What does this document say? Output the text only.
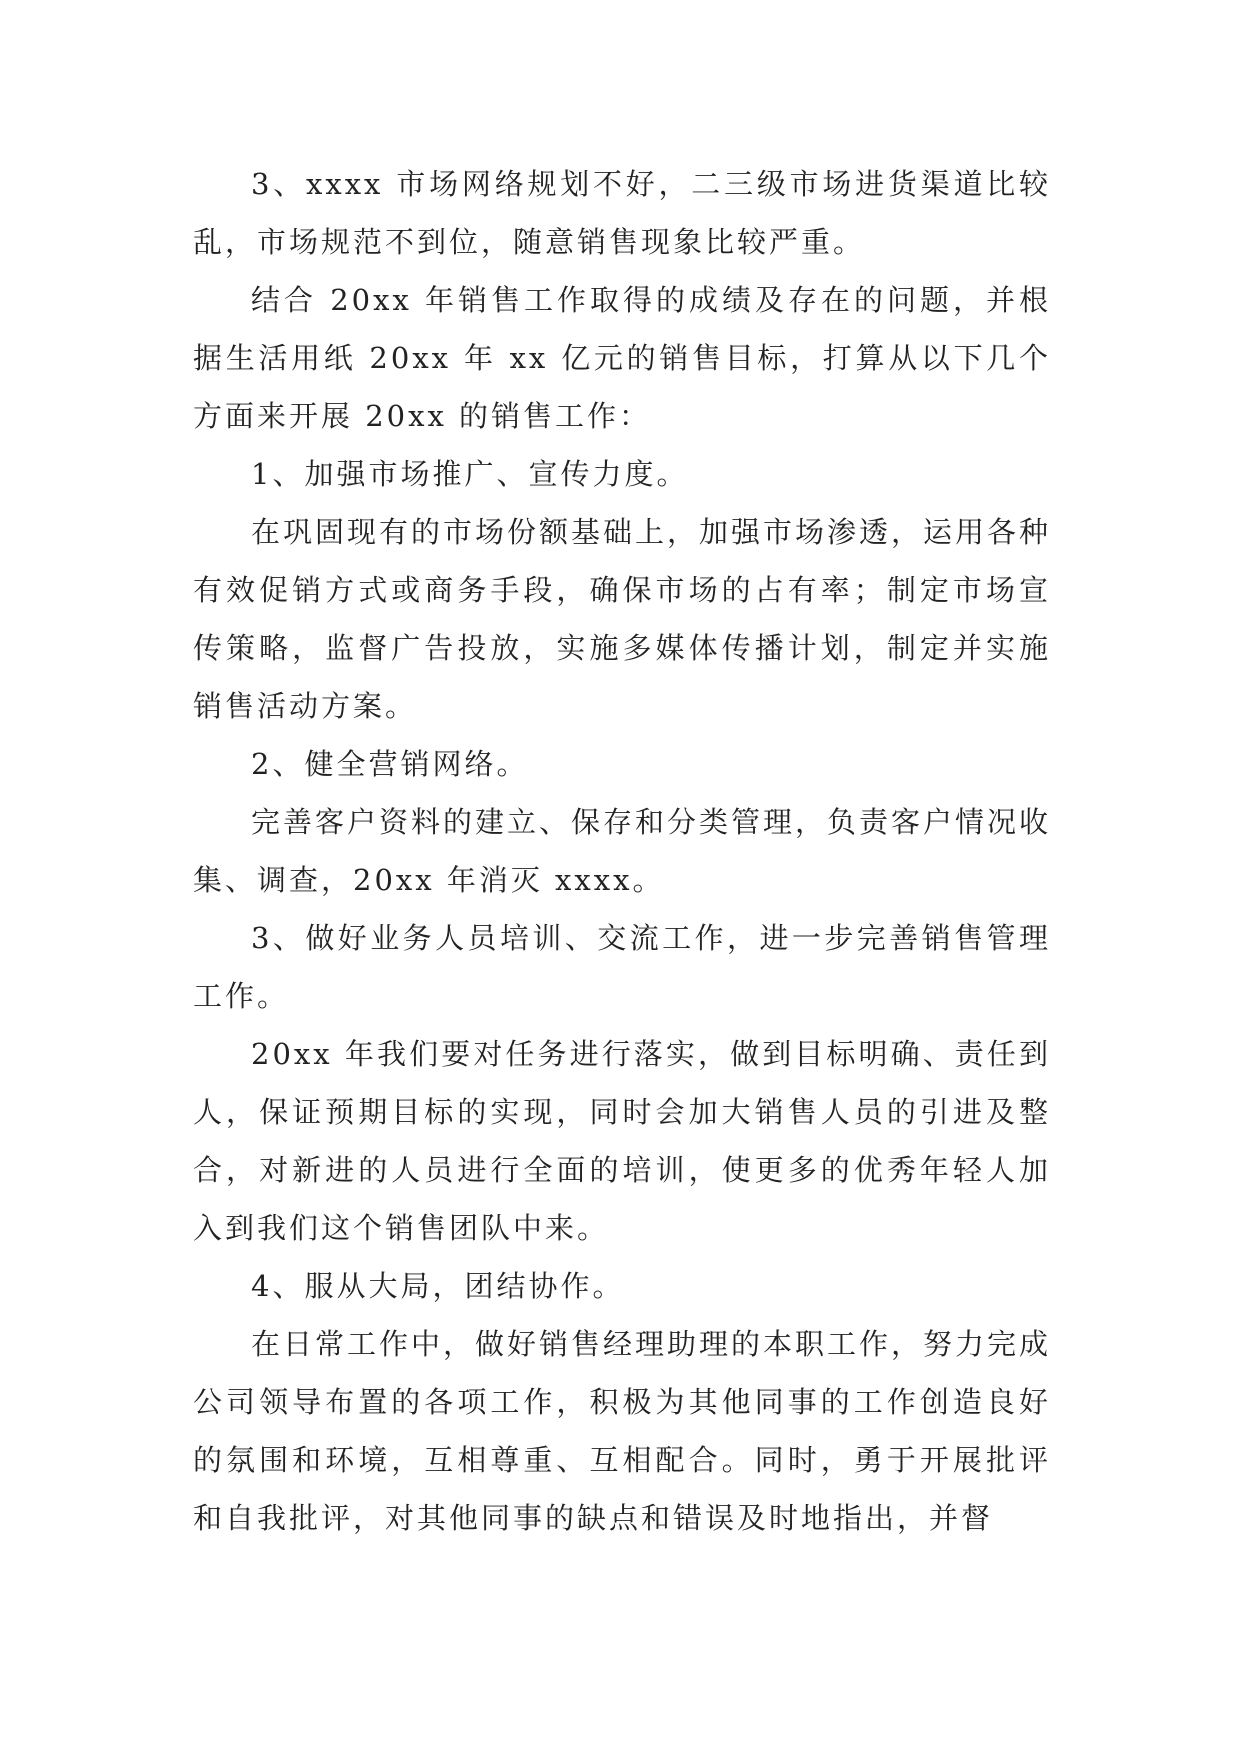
3、xxxx 市场网络规划不好，二三级市场进货渠道比较乱，市场规范不到位，随意销售现象比较严重。

结合 20xx 年销售工作取得的成绩及存在的问题，并根据生活用纸 20xx 年 xx 亿元的销售目标，打算从以下几个方面来开展 20xx 的销售工作：

1、加强市场推广、宣传力度。

在巩固现有的市场份额基础上，加强市场渗透，运用各种有效促销方式或商务手段，确保市场的占有率；制定市场宣传策略，监督广告投放，实施多媒体传播计划，制定并实施销售活动方案。

2、健全营销网络。

完善客户资料的建立、保存和分类管理，负责客户情况收集、调查，20xx 年消灭 xxxx。

3、做好业务人员培训、交流工作，进一步完善销售管理工作。

20xx 年我们要对任务进行落实，做到目标明确、责任到人，保证预期目标的实现，同时会加大销售人员的引进及整合，对新进的人员进行全面的培训，使更多的优秀年轻人加入到我们这个销售团队中来。

4、服从大局，团结协作。

在日常工作中，做好销售经理助理的本职工作，努力完成公司领导布置的各项工作，积极为其他同事的工作创造良好的氛围和环境，互相尊重、互相配合。同时，勇于开展批评和自我批评，对其他同事的缺点和错误及时地指出，并督
